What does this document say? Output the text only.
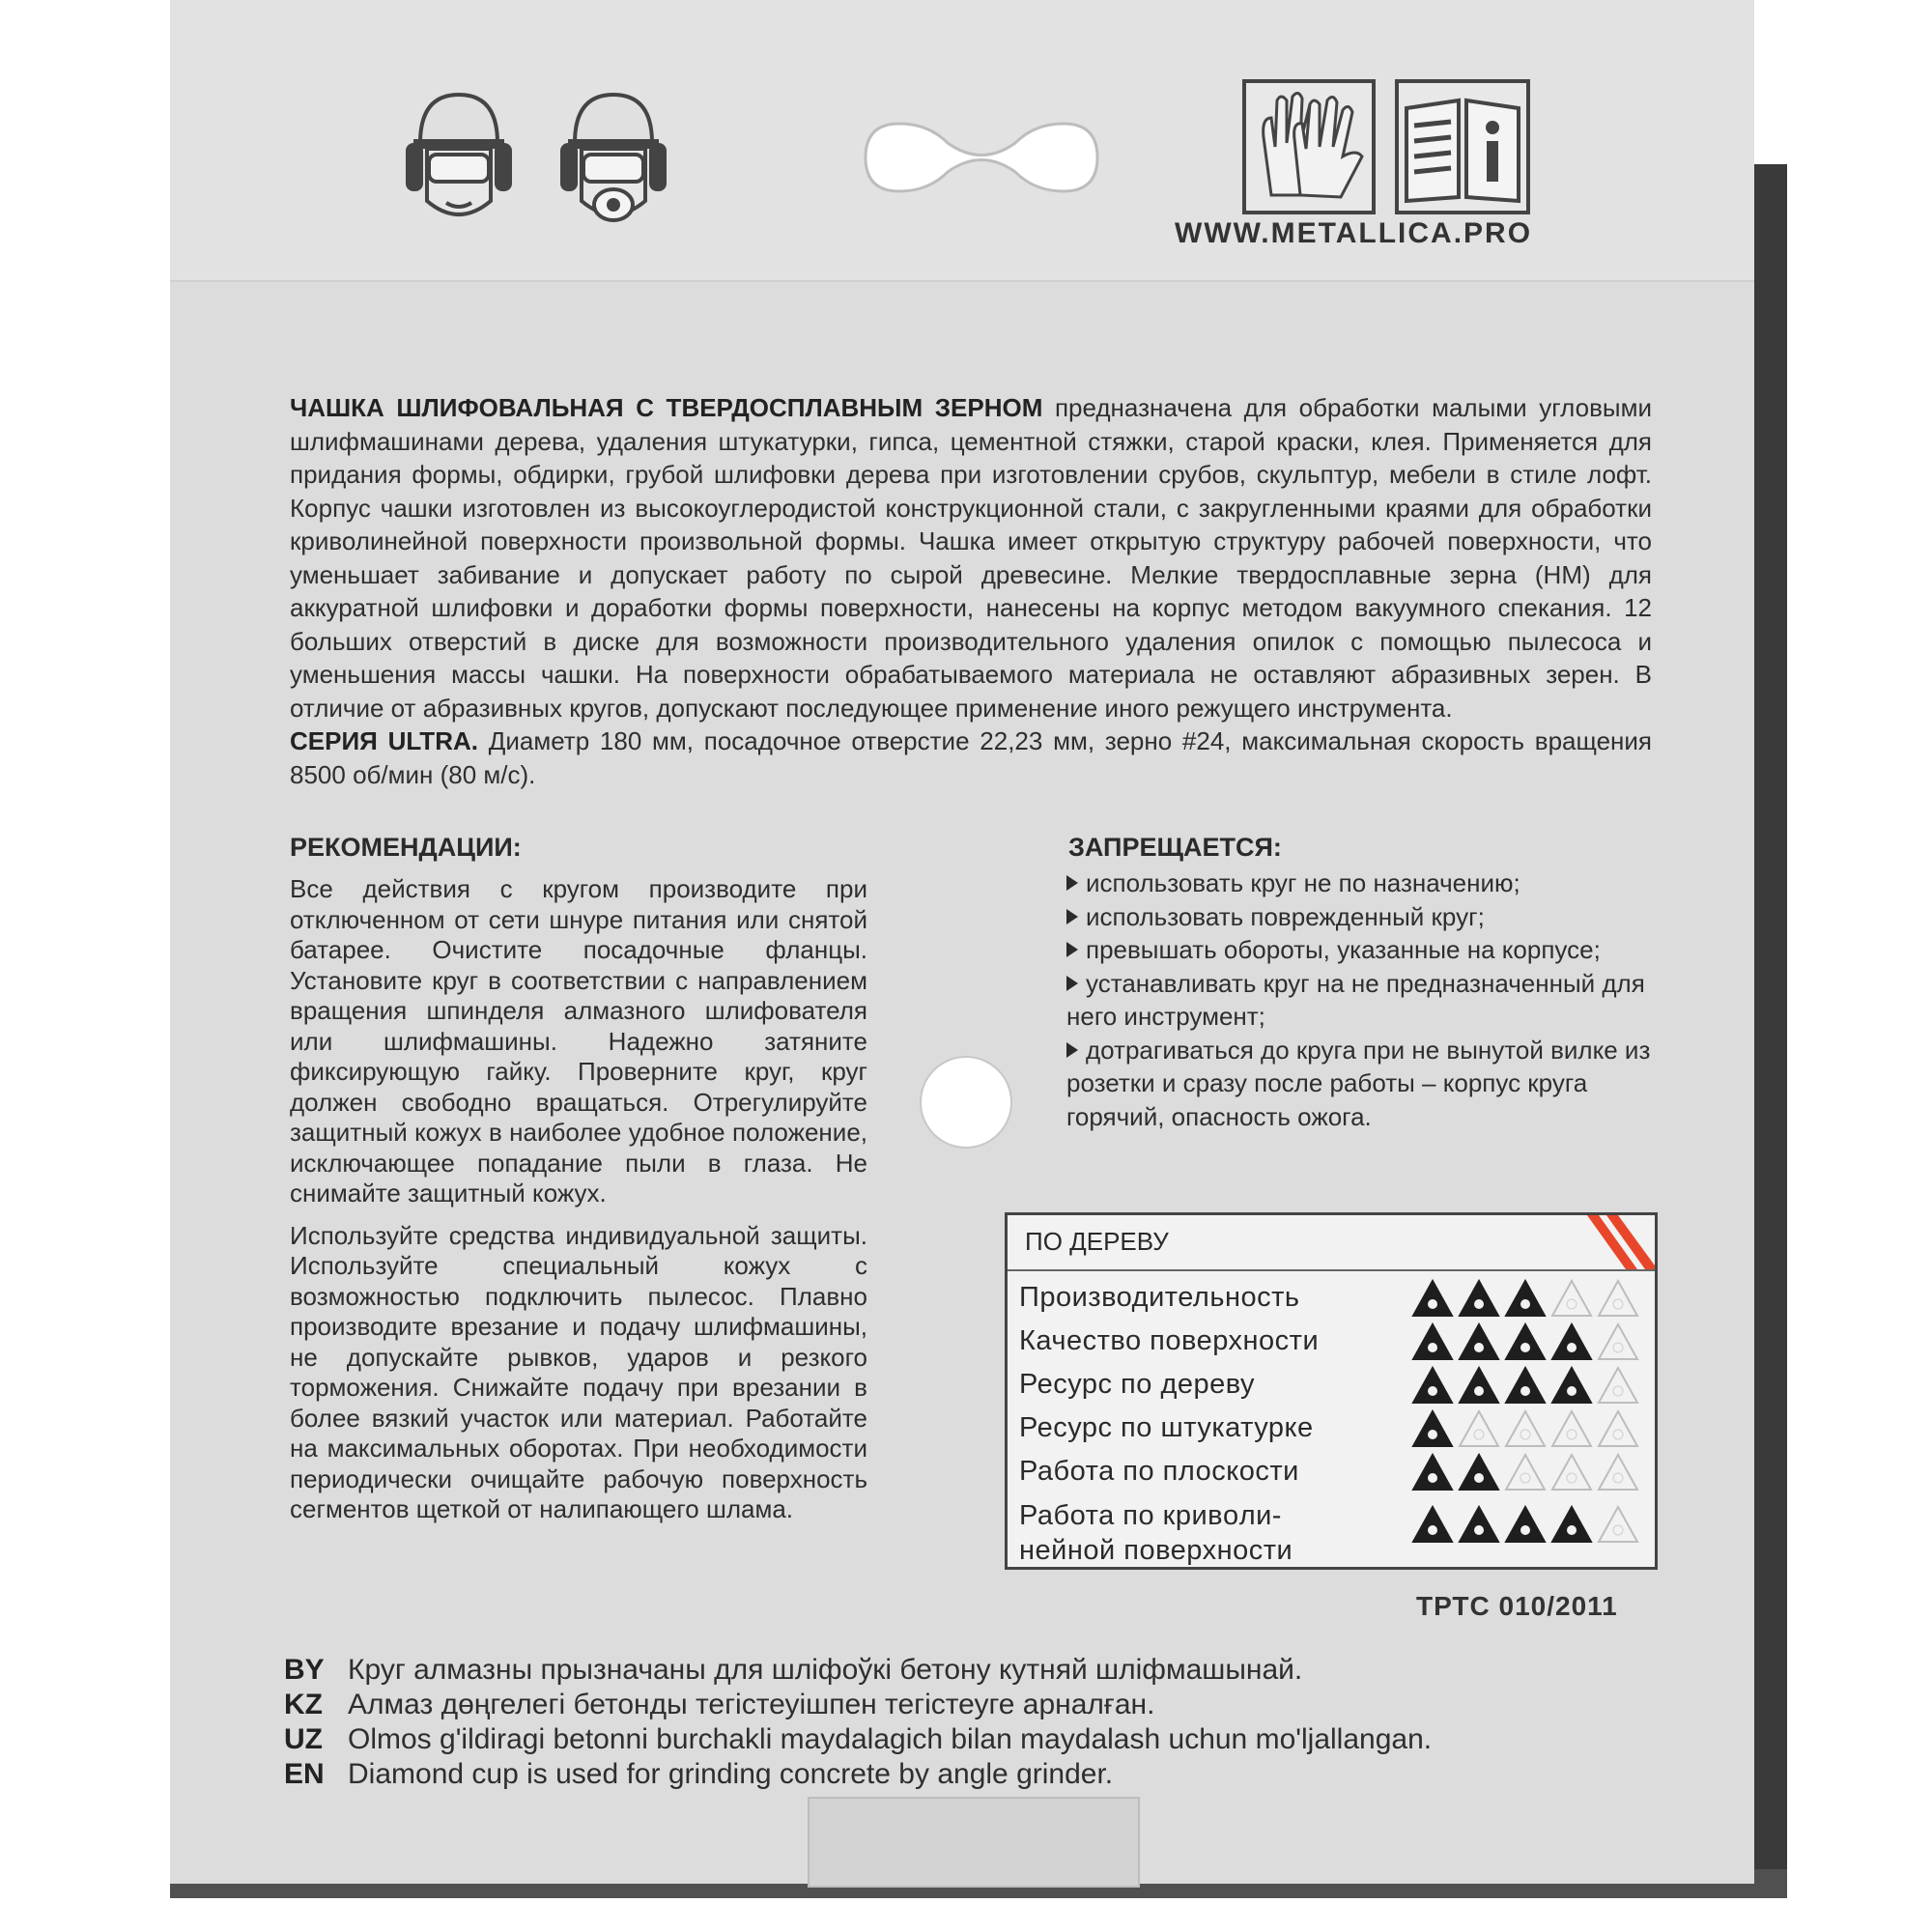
WWW.METALLICA.PRO
ЧАШКА ШЛИФОВАЛЬНАЯ С ТВЕРДОСПЛАВНЫМ ЗЕРНОМ предназначена для обработки малыми угловыми шлифмашинами дерева, удаления штукатурки, гипса, цементной стяжки, старой краски, клея. Применяется для придания формы, обдирки, грубой шлифовки дерева при изготовлении срубов, скульптур, мебели в стиле лофт. Корпус чашки изготовлен из высокоуглеродистой конструкционной стали, с закругленными краями для обработки криволинейной поверхности произвольной формы. Чашка имеет открытую структуру рабочей поверхности, что уменьшает забивание и допускает работу по сырой древесине. Мелкие твердосплавные зерна (НМ) для аккуратной шлифовки и доработки формы поверхности, нанесены на корпус методом вакуумного спекания. 12 больших отверстий в диске для возможности производительного удаления опилок с помощью пылесоса и уменьшения массы чашки. На поверхности обрабатываемого материала не оставляют абразивных зерен. В отличие от абразивных кругов, допускают последующее применение иного режущего инструмента.
СЕРИЯ ULTRA. Диаметр 180 мм, посадочное отверстие 22,23 мм, зерно #24, максимальная скорость вращения 8500 об/мин (80 м/с).
РЕКОМЕНДАЦИИ:

Все действия с кругом производите при отключенном от сети шнуре питания или снятой батарее. Очистите посадочные фланцы. Установите круг в соответствии с направлением вращения шпинделя алмазного шлифователя или шлифмашины. Надежно затяните фиксирующую гайку. Проверните круг, круг должен свободно вращаться. Отрегулируйте защитный кожух в наиболее удобное положение, исключающее попадание пыли в глаза. Не снимайте защитный кожух.

Используйте средства индивидуальной защиты. Используйте специальный кожух с возможностью подключить пылесос. Плавно производите врезание и подачу шлифмашины, не допускайте рывков, ударов и резкого торможения. Снижайте подачу при врезании в более вязкий участок или материал. Работайте на максимальных оборотах. При необходимости периодически очищайте рабочую поверхность сегментов щеткой от налипающего шлама.

ЗАПРЕЩАЕТСЯ:
использовать круг не по назначению;
использовать поврежденный круг;
превышать обороты, указанные на корпусе;
устанавливать круг на не предназначенный для него инструмент;
дотрагиваться до круга при не вынутой вилке из розетки и сразу после работы – корпус круга горячий, опасность ожога.
ПО ДЕРЕВУ
Производительность
Качество поверхности
Ресурс по дереву
Ресурс по штукатурке
Работа по плоскости
Работа по кривoли-
нейной поверхности
ТРТС 010/2011
BY Круг алмазны прызначаны для шліфоўкі бетону кутняй шліфмашынай.
KZ Алмаз дөңгелегі бетонды тегістеуішпен тегістеуге арналған.
UZ Olmos g'ildiragi betonni burchakli maydalagich bilan maydalash uchun mo'ljallangan.
EN Diamond cup is used for grinding concrete by angle grinder.
